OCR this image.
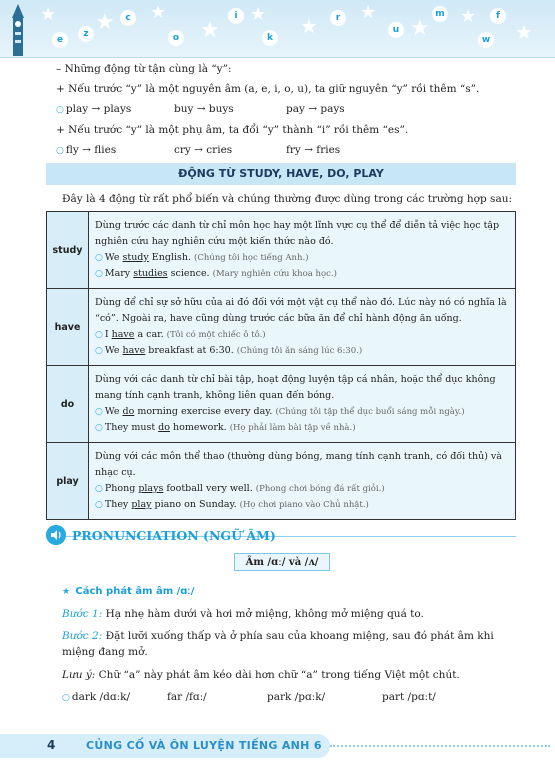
★ ★ ★
★
★ ★
★
★ ★
★
e
z
c
o
i
k
r
u
m	f
w
– Những động từ tận cùng là “y”:
+ Nếu trước “y” là một nguyên âm (a, e, i, o, u), ta giữ nguyên “y” rồi thêm “s”.
○ play → plays	buy → buys	pay → pays
+ Nếu trước “y” là một phụ âm, ta đổi “y” thành “i” rồi thêm “es”.
○ fly → flies	cry → cries	fry → fries
ĐỘNG TỪ STUDY, HAVE, DO, PLAY
Đây là 4 động từ rất phổ biến và chúng thường được dùng trong các trường hợp sau:
study	Dùng trước các danh từ chỉ môn học hay một lĩnh vực cụ thể để diễn tả việc học tập nghiên cứu hay nghiên cứu một kiến thức nào đó.
○ We study English. (Chúng tôi học tiếng Anh.)
○ Mary studies science. (Mary nghiên cứu khoa học.)

have	Dùng để chỉ sự sở hữu của ai đó đối với một vật cụ thể nào đó. Lúc này nó có nghĩa là “có”. Ngoài ra, have cũng dùng trước các bữa ăn để chỉ hành động ăn uống.
○ I have a car. (Tôi có một chiếc ô tô.)
○ We have breakfast at 6:30. (Chúng tôi ăn sáng lúc 6:30.)

do	Dùng với các danh từ chỉ bài tập, hoạt động luyện tập cá nhân, hoặc thể dục không mang tính cạnh tranh, không liên quan đến bóng.
○ We do morning exercise every day. (Chúng tôi tập thể dục buổi sáng mỗi ngày.)
○ They must do homework. (Họ phải làm bài tập về nhà.)

play	Dùng với các môn thể thao (thường dùng bóng, mang tính cạnh tranh, có đối thủ) và nhạc cụ.
○ Phong plays football very well. (Phong chơi bóng đá rất giỏi.)
○ They play piano on Sunday. (Họ chơi piano vào Chủ nhật.)
PRONUNCIATION (NGỮ ÂM)
Âm /ɑː/ và /ʌ/
★ Cách phát âm âm /ɑː/
Bước 1: Hạ nhẹ hàm dưới và hơi mở miệng, không mở miệng quá to.
Bước 2: Đặt lưỡi xuống thấp và ở phía sau của khoang miệng, sau đó phát âm khi miệng đang mở.
Lưu ý: Chữ “a” này phát âm kéo dài hơn chữ “a” trong tiếng Việt một chút.
○ dark /dɑːk/	far /fɑː/	park /pɑːk/	part /pɑːt/
4	CỦNG CỐ VÀ ÔN LUYỆN TIẾNG ANH 6
